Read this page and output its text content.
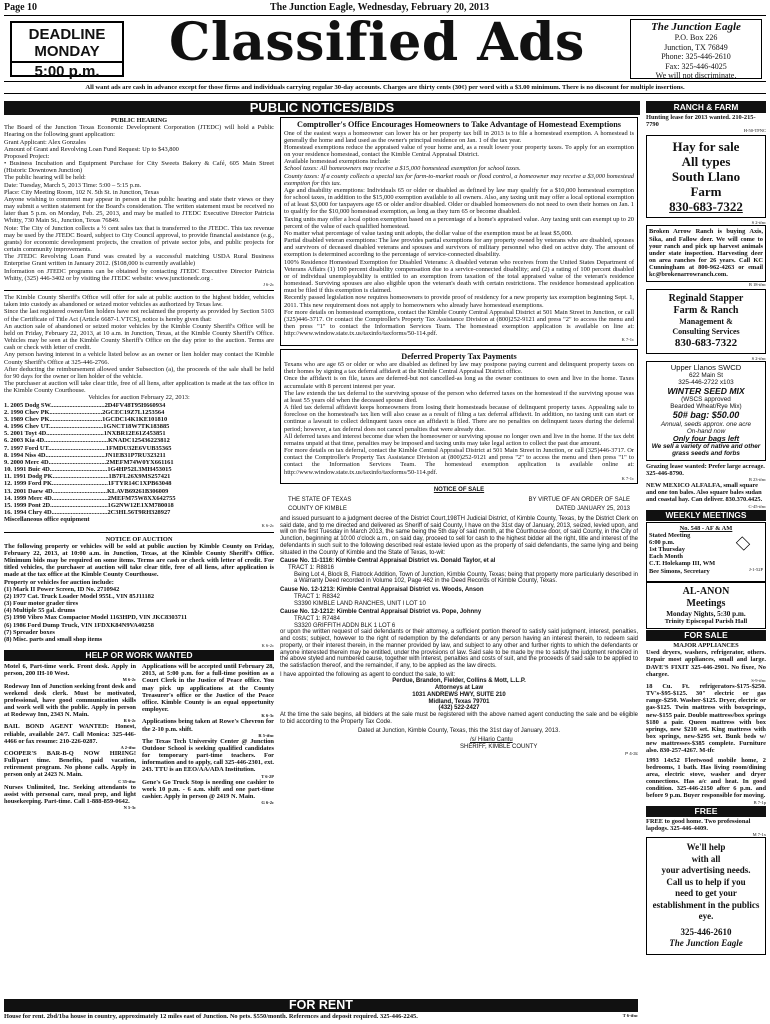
Page 10	The Junction Eagle, Wednesday, February 20, 2013
DEADLINE
MONDAY
5:00 p.m.	Classified Ads	The Junction Eagle
P.O. Box 226
Junction, TX 76849
Phone: 325-446-2610
Fax: 325-446-4025
We will not discriminate.
All want ads are cash in advance except for those firms and individuals carrying regular 30-day accounts. Charges are thirty cents (30¢) per word with a $3.00 minimum. There is no discount for multiple insertions.
PUBLIC NOTICES/BIDS
PUBLIC HEARING
The Board of the Junction Texas Economic Development Corporation (JTEDC) will hold a Public Hearing on the following grant application:
Grant Applicant: Alex Gonzales
Amount of Grant and Revolving Loan Fund Request: Up to $43,800
Proposed Project:
• Business Incubation and Equipment Purchase for City Sweets Bakery & Café, 605 Main Street (Historic Downtown Junction)
The public hearing will be held:
Date: Tuesday, March 5, 2013 Time: 5:00 – 5:15 p.m.
Place: City Meeting Room, 102 N. 5th St. in Junction, Texas
Anyone wishing to comment may appear in person at the public hearing and state their views or they may submit a written statement for the Board's consideration. The written statement must be received no later than 5 p.m. on Monday, Feb. 25, 2013, and may be mailed to JTEDC Executive Director Patricia Whitty, 730 Main St., Junction, Texas 76849.
Note: The City of Junction collects a ½ cent sales tax that is transferred to the JTEDC. This tax revenue may be used by the JTEDC Board, subject to City Council approval, to provide financial assistance (e.g., grants) for economic development projects, the creation of private sector jobs, and public projects for certain community improvements.
The JTEDC Revolving Loan Fund was created by a successful matching USDA Rural Business Enterprise Grant written in January 2012. ($108,000 is currently available)
Information on JTEDC programs can be obtained by contacting JTEDC Executive Director Patricia Whitty, (325) 446-3402 or by visiting the JTEDC website: www.junctionedc.org .
J 6-2c
The Kimble County Sheriff's Office will offer for sale at public auction to the highest bidder, vehicles taken into custody as abandoned or seized motor vehicles as authorized by Texas law.
Since the last registered owner/lien holders have not reclaimed the property as provided by Section 5103 of the Certificate of Title Act (Article 6687-1.VTCS), notice is hereby given that:
An auction sale of abandoned or seized motor vehicles by the Kimble County Sheriff's Office will be held on Friday, February 22, 2013, at 10 a.m. in Junction, Texas, at the Kimble County Sheriff's Office. Vehicles may be seen at the Kimble County Sheriff's Office on the day prior to the auction. Terms are cash or check with letter of credit.
Any person having interest in a vehicle listed below as an owner or lien holder may contact the Kimble County Sheriff's Office at 325-446-2766.
After deducting the reimbursement allowed under Subsection (a), the proceeds of the sale shall be held for 90 days for the owner or lien holder of the vehicle.
The purchaser at auction will take clear title, free of all liens, after application is made at the tax office in the Kimble County Courthouse.
Vehicles for auction February 22, 2013:
1. 2005 Dodg SW..................................2D4FV48T95H660934
2. 1990 Chev PK.................................2GCEC19Z7L1253564
3. 1989 Chev PK.................................1GCDC14K1KE101810
4. 1996 Chev UT..................................1GNCT18W7TK183885
5. 2001 Toyt 4D....................................1NXBR12E61Z453851
6. 2003 Kia 4D........................................KNADC125436223812
7. 1997 Ford UT....................................1FMDU32E6VUB35365
8. 1994 Niss 4D.....................................JN1EB31P7RU323211
9. 2000 Merc 4D....................................2MEFM74W0YX661161
10. 1991 Buic 4D....................................1G4HP52L3MH453015
11. 1991 Dodg PK...................................1B7FL26X9MS257421
12. 1999 Ford PK...................................1FTYR14C1XPB63048
13. 2001 Daew 4D..................................KLAVB69261B306009
14. 1999 Merc 4D...................................2MEFM75W8XX642755
15. 1999 Pont 2D....................................1G2NW12E1XM780018
16. 1994 Chry 4D...................................2C3HL56T9RH328927
Miscellaneous office equipment
K 6-2c
NOTICE OF AUCTION
The following property or vehicles will be sold at public auction by Kimble County on Friday, February 22, 2013, at 10:00 a.m. in Junction, Texas, at the Kimble County Sheriff's Office. Minimum bids may be required on some items. Terms are cash or check with letter of credit. For titled vehicles, the purchaser at auction will take clear title, free of all liens, after application is made at the tax office at the Kimble County Courthouse.
Property or vehicles for auction include:
(1) Mark II Power Screen, ID No. 2710942
(2) 1977 Cat. Truck Loader Model 955L, VIN 85J11182
(3) Four motor grader tires
(4) Multiple 55 gal. drums
(5) 1990 Vibro Max Compactor Model 1163HPD, VIN JKC8303711
(6) 1986 Ford Dump Truck, VIN 1FDXK84N9VA40258
(7) Spreader boxes
(8) Misc. parts and small shop items
K 6-2c
HELP OR WORK WANTED
Motel 6, Part-time work. Front desk. Apply in person, 200 IH-10 West.
M 6-2c
Rodeway Inn of Junction seeking front desk and weekend desk clerk. Must be motivated, professional, have good communication skills and work well with the public. Apply in person at Rodeway Inn, 2343 N. Main.
R 6-2c
BAIL BOND AGENT WANTED: Honest, reliable, available 24/7. Call Monica: 325-446-4466 or fax resume: 210-226-0287.
A 2-tfnc
COOPER'S BAR-B-Q NOW HIRING! Full/part time. Benefits, paid vacation, retirement program. No phone calls. Apply in person only at 2423 N. Main.
C 35-tfnc
Nurses Unlimited, Inc. Seeking attendants to assist with personal care, meal prep, and light housekeeping. Part-time. Call 1-888-859-0642.
N 5-3c
Applications will be accepted until February 28, 2013, at 5:00 p.m. for a full-time position as a Court Clerk in the Justice of Peace office. You may pick up applications at the County Treasurer's office or the Justice of the Peace office. Kimble County is an equal opportunity employer.
K 6-3c
Applications being taken at Rowe's Chevron for the 2-10 p.m. shift.
R 5-tfnc
The Texas Tech University Center @ Junction Outdoor School is seeking qualified candidates for temporary part-time teachers. For information and to apply, call 325-446-2301, ext. 243. TTU is an EEO/AA/ADA Institution.
T 6-2P
Gene's Go Truck Stop is needing one cashier to work 10 p.m. - 6 a.m. shift and one part-time cashier. Apply in person @ 2419 N. Main.
G 6-2c
Comptroller's Office Encourages Homeowners to Take Advantage of Homestead Exemptions
One of the easiest ways a homeowner can lower his or her property tax bill in 2013 is to file a homestead exemption. A homestead is generally the home and land used as the owner's principal residence on Jan. 1 of the tax year.
Homestead exemptions reduce the appraised value of your home and, as a result lower your property taxes. To apply for an exemption on your residence homestead, contact the Kimble Central Appraisal District.
Available homestead exemptions include:
School taxes: All homeowners may receive a $15,000 homestead exemption for school taxes.
County taxes: If a county collects a special tax for farm-to-market roads or flood control, a homeowner may receive a $3,000 homestead exemption for this tax.
Age and disability exemptions: Individuals 65 or older or disabled as defined by law may qualify for a $10,000 homestead exemption for school taxes, in addition to the $15,000 exemption available to all owners. Also, any taxing unit may offer a local optional exemption of at least $3,000 for taxpayers age 65 or older and/or disabled. Older or disabled homeowners do not need to own their homes on Jan. 1 to qualify for the $10,000 homestead exemption, as long as they turn 65 or become disabled.
Taxing units may offer a local option exemption based on a percentage of a home's appraised value. Any taxing unit can exempt up to 20 percent of the value of each qualified homestead.
No matter what percentage of value taxing unit adopts, the dollar value of the exemption must be at least $5,000.
Partial disabled veteran exemptions: The law provides partial exemptions for any property owned by veterans who are disabled, spouses and survivors of deceased disabled veterans and spouses and survivors of military personnel who died on active duty. The amount of exemption is determined according to the percentage of service-connected disability.
100% Residence Homestead Exemption for Disabled Veterans: A disabled veteran who receives from the United States Department of Veterans Affairs (1) 100 percent disability compensation due to a service-connected disability; and (2) a rating of 100 percent disabled or of individual unemployability is entitled to an exemption from taxation of the total appraised value of the veteran's residence homestead. Surviving spouses are also eligible upon the veteran's death with certain restrictions. The residence homestead application must be filed if this exemption is claimed.
Recently passed legislation now requires homeowners to provide proof of residency for a new property tax exemption beginning Sept. 1, 2011. This new requirement does not apply to homeowners who already have homestead exemptions.
For more details on homestead exemptions, contact the Kimble County Central Appraisal District at 501 Main Street in Junction, or call (325)446-3717. Or contact the Comptroller's Property Tax Assistance Division at (800)252-9121 and press "2" to access the menu and then press "1" to contact the Information Services Team. The homestead exemption application is available on line at: http://www.window.state.tx.us/taxinfo/taxforms/50-114.pdf.
K 7-1c
Deferred Property Tax Payments
Texans who are age 65 or older or who are disabled as defined by law may postpone paying current and delinquent property taxes on their homes by signing a tax deferral affidavit at the Kimble Central Appraisal District office.
Once the affidavit is on file, taxes are deferred-but not cancelled-as long as the owner continues to own and live in the home. Taxes accumulate with 8 percent interest per year.
The law extends the tax deferral to the surviving spouse of the person who deferred taxes on the homestead if the surviving spouse was at least 55 years old when the deceased spouse died.
A filed tax deferral affidavit keeps homeowners from losing their homesteads because of delinquent property taxes. Appealing sale to foreclose on the homestead's tax lien will also cease as a result of filing a tax deferral affidavit. In addition, no taxing unit can start or continue a lawsuit to collect delinquent taxes once an affidavit is filed. There are no penalties on delinquent taxes during the deferral period; however, a tax deferral does not cancel penalties that were already due.
All deferred taxes and interest become due when the homeowner or surviving spouse no longer own and live in the home. If the tax debt remains unpaid at that time, penalties may be imposed and taxing units may take legal action to collect the past due amount.
For more details on tax deferral, contact the Kimble Central Appraisal District at 501 Main Street in Junction, or call (325)446-3717. Or contact the Comptroller's Property Tax Assistance Division at (800)252-9121 and press "2" to access the menu and then press "1" to contact the Information Services Team. The homestead exemption application is available online at: http://www.window.state.tx.us/taxinfo/taxforms/50-114.pdf.
K 7-1c
NOTICE OF SALE
THE STATE OF TEXAS	BY VIRTUE OF AN ORDER OF SALE
COUNTY OF KIMBLE	DATED JANUARY 25, 2013
and issued pursuant to a judgment decree of the District Court,198TH Judicial District, of Kimble County, Texas, by the District Clerk on said date, and to me directed and delivered as Sheriff of said County, I have on the 31st day of January, 2013, seized, levied upon, and will on the first Tuesday in March 2013, the same being the 5th day of said month, at the Courthouse door, of said County, in the City of Junction, beginning at 10:00 o'clock a.m., on said day, proceed to sell for cash to the highest bidder all the right, title and interest of the defendants in such suit to the following described real estate levied upon as the property of said defendants, the same lying and being situated in the County of Kimble and the State of Texas, to-wit:
Cause No. 11-1116: Kimble Central Appraisal District vs. Donald Taylor, et al
TRACT 1: R8816
Being Lot 4, Block B, Flatrock Addition, Town of Junction, Kimble County, Texas; being that property more particularly described in a Warranty Deed recorded in Volume 102, Page 462 in the Deed Records of Kimble County, Texas.
Cause No. 12-1213: Kimble Central Appraisal District vs. Woods, Anson
TRACT 1: R8342
S3390 KIMBLE LAND RANCHES, UNIT I LOT 10
Cause No. 12-1212: Kimble Central Appraisal District vs. Pope, Johnny
TRACT 1: R7484
S3320 GRIFFITH ADDN BLK 1 LOT 6
or upon the written request of said defendants or their attorney, a sufficient portion thereof to satisfy said judgment, interest, penalties, and costs; subject, however to the right of redemption by the defendants or any person having an interest therein, to redeem said property, or their interest therein, in the manner provided by law, and subject to any other and further rights to which the defendants or anyone interested therein may be entitled, under the provisions of law. Said sale to be made by me to satisfy the judgment rendered in the above styled and numbered cause, together with interest, penalties and costs of suit, and the proceeds of said sale to be applied to the satisfaction thereof, and the remainder, if any, to be applied as the law directs.
I have appointed the following as agent to conduct the sale, to wit:
Perdue, Brandon, Fielder, Collins & Mott, L.L.P.
Attorneys at Law
1031 ANDREWS HWY, SUITE 210
Midland, Texas 79701
(432) 522-2427
At the time the sale begins, all bidders at the sale must be registered with the above named agent conducting the sale and be eligible to bid according to the Property Tax Code.
Dated at Junction, Kimble County, Texas, this the 31st day of January, 2013.
/s/ Hilario Cantu
SHERIFF, KIMBLE COUNTY
P 4-3c
FOR RENT
House for rent. 2bd/1ba house in country, approximately 12 miles east of Junction. No pets. $550/month. References and deposit required. 325-446-2245.	T 6-tfnc
RANCH & FARM
Hunting lease for 2013 wanted. 210-215-7790
H-50-TFNC
Hay for sale
All types
South Llano
Farm
830-683-7322
S 2-tfnc
Broken Arrow Ranch is buying Axis, Sika, and Fallow deer. We will come to your ranch and pick up harvest animals under state inspection. Harvesting deer on area ranches for 26 years. Call KC Cunningham at 800-962-4263 or email kc@brokenarrowranch.com.
B 18-tfnc
Reginald Stapper
Farm & Ranch
Management &
Consulting Services
830-683-7322
S 2-tfnc
Upper Llanos SWCD
622 Main St
325-446-2722 x103
WINTER SEED MIX
(WSCS approved
Bearded Wheat/Rye Mix)
50# bag: $50.00
Annual, seeds approx. one acre
On-hand now
Only four bags left
We sell a variety of native and other grass seeds and forbs
Grazing lease wanted: Prefer large acreage. 325-446-8790.
B 23-tfnc
NEW MEXICO ALFALFA, small square and one ton bales. Also square bales sudan and coastal hay. Can deliver. 830.370.4425.
C-45-tfnc
WEEKLY MEETINGS
No. 548 - AF & AM
Stated Meeting
6:00 p.m.
1st Thursday
Each Month
C.T. Holekamp III, WM
Bee Simons, Secretary	J-1-52P
AL-ANON
Meetings
Monday Nights, 5:30 p.m.
Trinity Episcopal Parish Hall
FOR SALE
MAJOR APPLIANCES
Used dryers, washers, refrigerator, others. Repair most appliances, small and large. DAVE'S FIXIT 325-446-2901. No fixee, No chargee.
S-9-tfnc
18 Cu. Ft. refrigerators-$175-$250. TV's-$95-$125. 30" electric or gas range-$250. Washer-$125. Dryer, electric or gas-$125. Twin mattress with boxsprings, new-$155 pair. Double mattress/box springs $180 a pair. Queen mattress with box springs, new $210 set. King mattress with box springs, new-$295 set. Bunk beds w/ new mattresses-$385 complete. Furniture also. 830-257-4267. M-tfc
1993 14x52 Fleetwood mobile home, 2 bedrooms, 1 bath. Has living room/dining area, electric stove, washer and dryer connections. Has a/c and heat. In good condition. 325-446-2150 after 6 p.m. and before 9 p.m. Buyer responsible for moving.
B 7-1p
FREE
FREE to good home. Two professional lapdogs. 325-446-4409.
M 7-1x
We'll help
with all
your advertising needs.
Call us to help if you
need to get your establishment in the publics
eye.
325-446-2610
The Junction Eagle
